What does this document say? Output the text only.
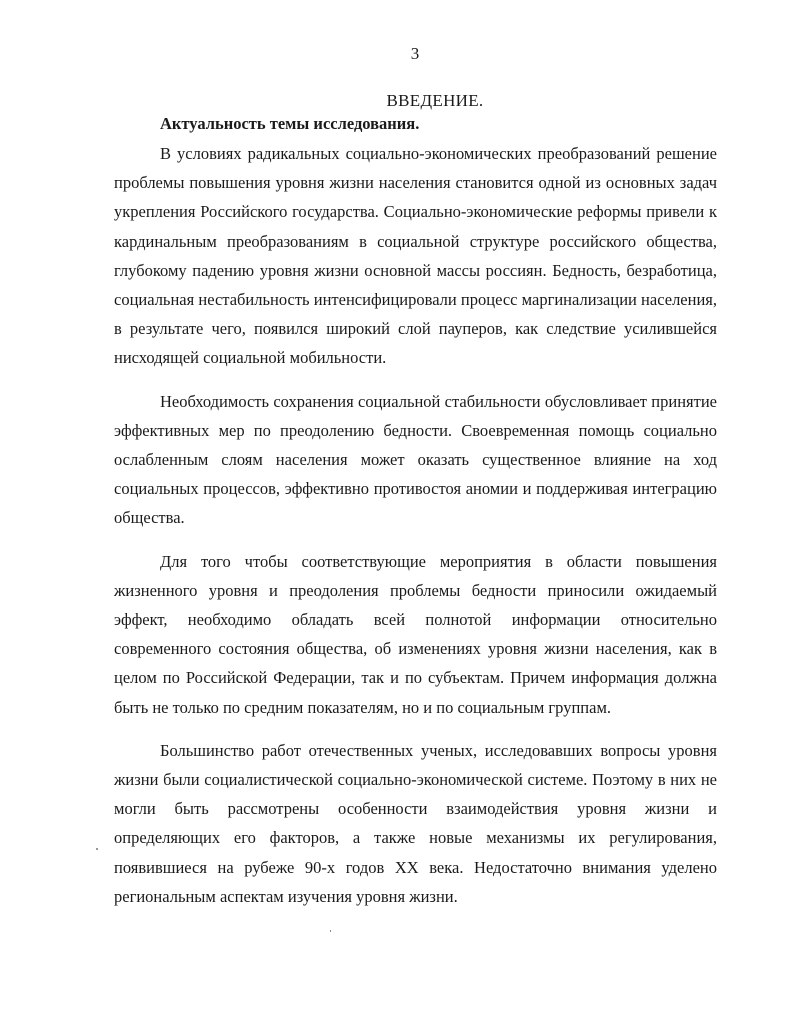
3
ВВЕДЕНИЕ.
Актуальность темы исследования.

В условиях радикальных социально-экономических преобразований решение проблемы повышения уровня жизни населения становится одной из основных задач укрепления Российского государства. Социально-экономические реформы привели к кардинальным преобразованиям в социальной структуре российского общества, глубокому падению уровня жизни основной массы россиян. Бедность, безработица, социальная нестабильность интенсифицировали процесс маргинализации населения, в результате чего, появился широкий слой пауперов, как следствие усилившейся нисходящей социальной мобильности.

Необходимость сохранения социальной стабильности обусловливает принятие эффективных мер по преодолению бедности. Своевременная помощь социально ослабленным слоям населения может оказать существенное влияние на ход социальных процессов, эффективно противостоя аномии и поддерживая интеграцию общества.

Для того чтобы соответствующие мероприятия в области повышения жизненного уровня и преодоления проблемы бедности приносили ожидаемый эффект, необходимо обладать всей полнотой информации относительно современного состояния общества, об изменениях уровня жизни населения, как в целом по Российской Федерации, так и по субъектам. Причем информация должна быть не только по средним показателям, но и по социальным группам.

Большинство работ отечественных ученых, исследовавших вопросы уровня жизни были социалистической социально-экономической системе. Поэтому в них не могли быть рассмотрены особенности взаимодействия уровня жизни и определяющих его факторов, а также новые механизмы их регулирования, появившиеся на рубеже 90-х годов XX века. Недостаточно внимания уделено региональным аспектам изучения уровня жизни.
